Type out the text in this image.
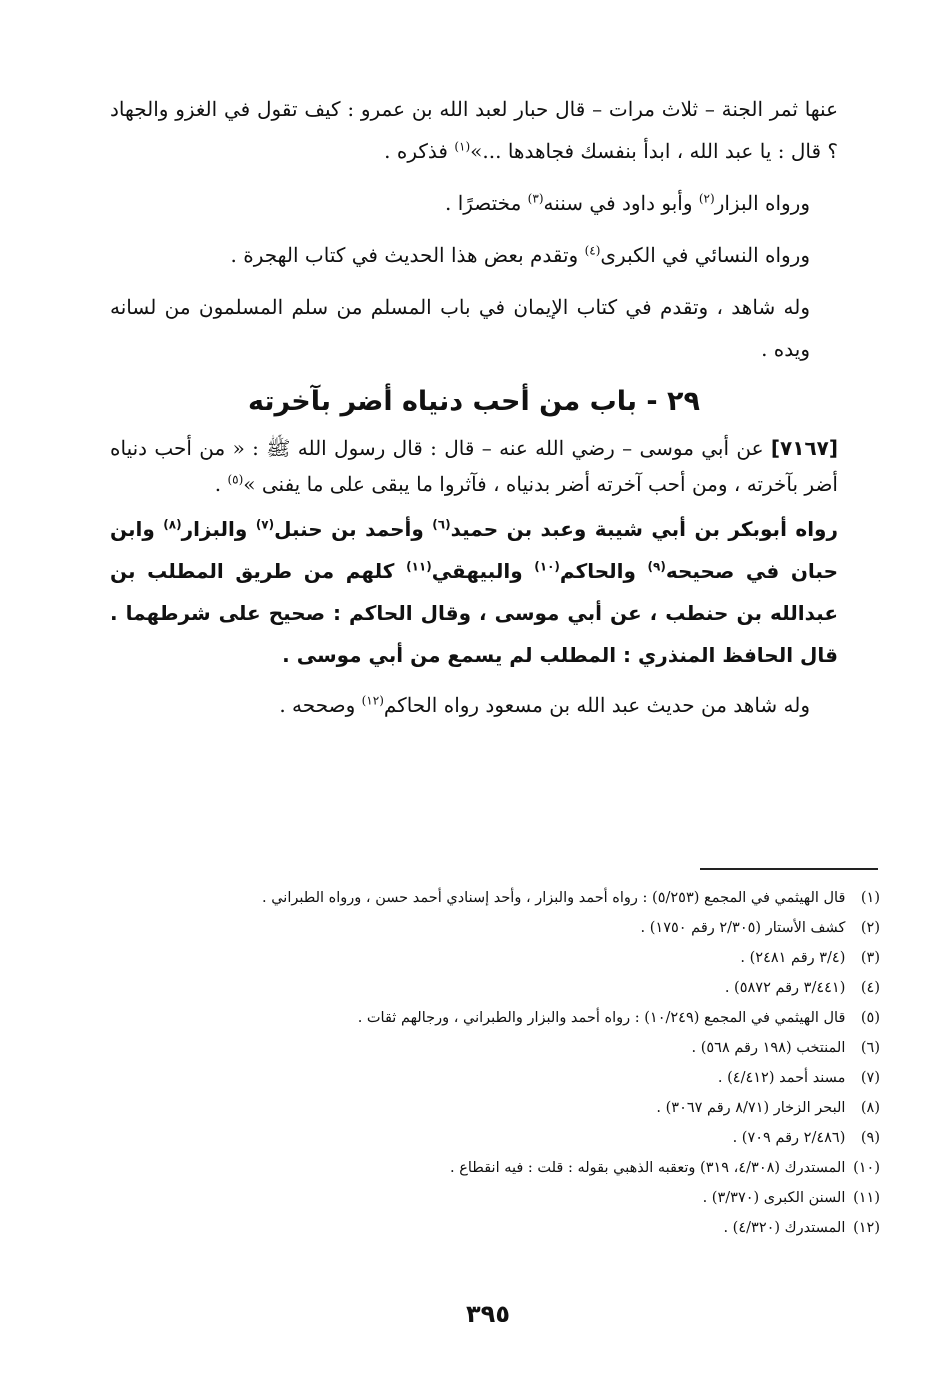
عنها ثمر الجنة – ثلاث مرات – قال حبار لعبد الله بن عمرو : كيف تقول في الغزو والجهاد ؟ قال : يا عبد الله ، ابدأ بنفسك فجاهدها ...»$^{(١)}$ فذكره .

ورواه البزار$^{(٢)}$ وأبو داود في سننه$^{(٣)}$ مختصرًا .

ورواه النسائي في الكبرى$^{(٤)}$ وتقدم بعض هذا الحديث في كتاب الهجرة .

وله شاهد ، وتقدم في كتاب الإيمان في باب المسلم من سلم المسلمون من لسانه ويده .

٢٩ - باب من أحب دنياه أضر بآخرته

[٧١٦٧] عن أبي موسى – رضي الله عنه – قال : قال رسول الله ﷺ : « من أحب دنياه أضر بآخرته ، ومن أحب آخرته أضر بدنياه ، فآثروا ما يبقى على ما يفنى »$^{(٥)}$ .

رواه أبوبكر بن أبي شيبة وعبد بن حميد$^{(٦)}$ وأحمد بن حنبل$^{(٧)}$ والبزار$^{(٨)}$ وابن حبان في صحيحه$^{(٩)}$ والحاكم$^{(١٠)}$ والبيهقي$^{(١١)}$ كلهم من طريق المطلب بن عبدالله بن حنطب ، عن أبي موسى ، وقال الحاكم : صحيح على شرطهما . قال الحافظ المنذري : المطلب لم يسمع من أبي موسى .

وله شاهد من حديث عبد الله بن مسعود رواه الحاكم$^{(١٢)}$ وصححه .

(١) قال الهيثمي في المجمع (٥/٢٥٣) : رواه أحمد والبزار ، وأحد إسنادي أحمد حسن ، ورواه الطبراني .
(٢) كشف الأستار (٢/٣٠٥ رقم ١٧٥٠) .
(٣) (٣/٤ رقم ٢٤٨١) .
(٤) (٣/٤٤١ رقم ٥٨٧٢) .
(٥) قال الهيثمي في المجمع (١٠/٢٤٩) : رواه أحمد والبزار والطبراني ، ورجالهم ثقات .
(٦) المنتخب (١٩٨ رقم ٥٦٨) .
(٧) مسند أحمد (٤/٤١٢) .
(٨) البحر الزخار (٨/٧١ رقم ٣٠٦٧) .
(٩) (٢/٤٨٦ رقم ٧٠٩) .
(١٠) المستدرك (٤/٣٠٨، ٣١٩) وتعقبه الذهبي بقوله : قلت : فيه انقطاع .
(١١) السنن الكبرى (٣/٣٧٠) .
(١٢) المستدرك (٤/٣٢٠) .
٣٩٥
